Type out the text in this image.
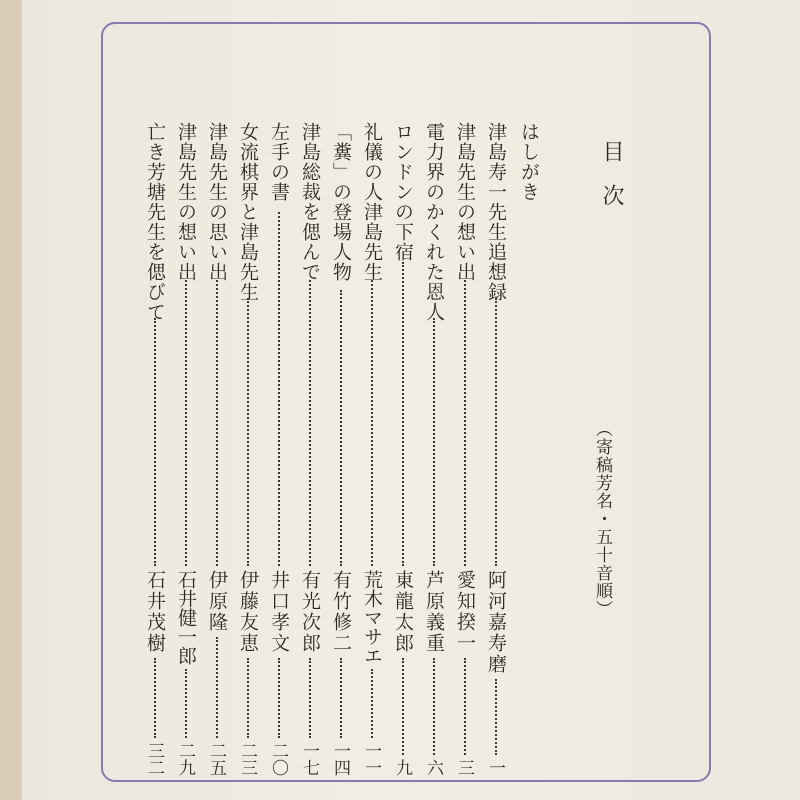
目次

（寄稿芳名・五十音順）

はしがき

津島寿一先生追想録

阿河嘉寿磨

一

津島先生の想い出

愛知揆一

三

電力界のかくれた恩人

芦原義重

六

ロンドンの下宿

東龍太郎

九

礼儀の人津島先生

荒木マサエ

一一

「糞」の登場人物

有竹修二

一四

津島総裁を偲んで

有光次郎

一七

左手の書

井口孝文

二〇

女流棋界と津島先生

伊藤友恵

二三

津島先生の思い出

伊原隆

二五

津島先生の想い出

石井健一郎

二九

亡き芳塘先生を偲びて

石井茂樹

三二
